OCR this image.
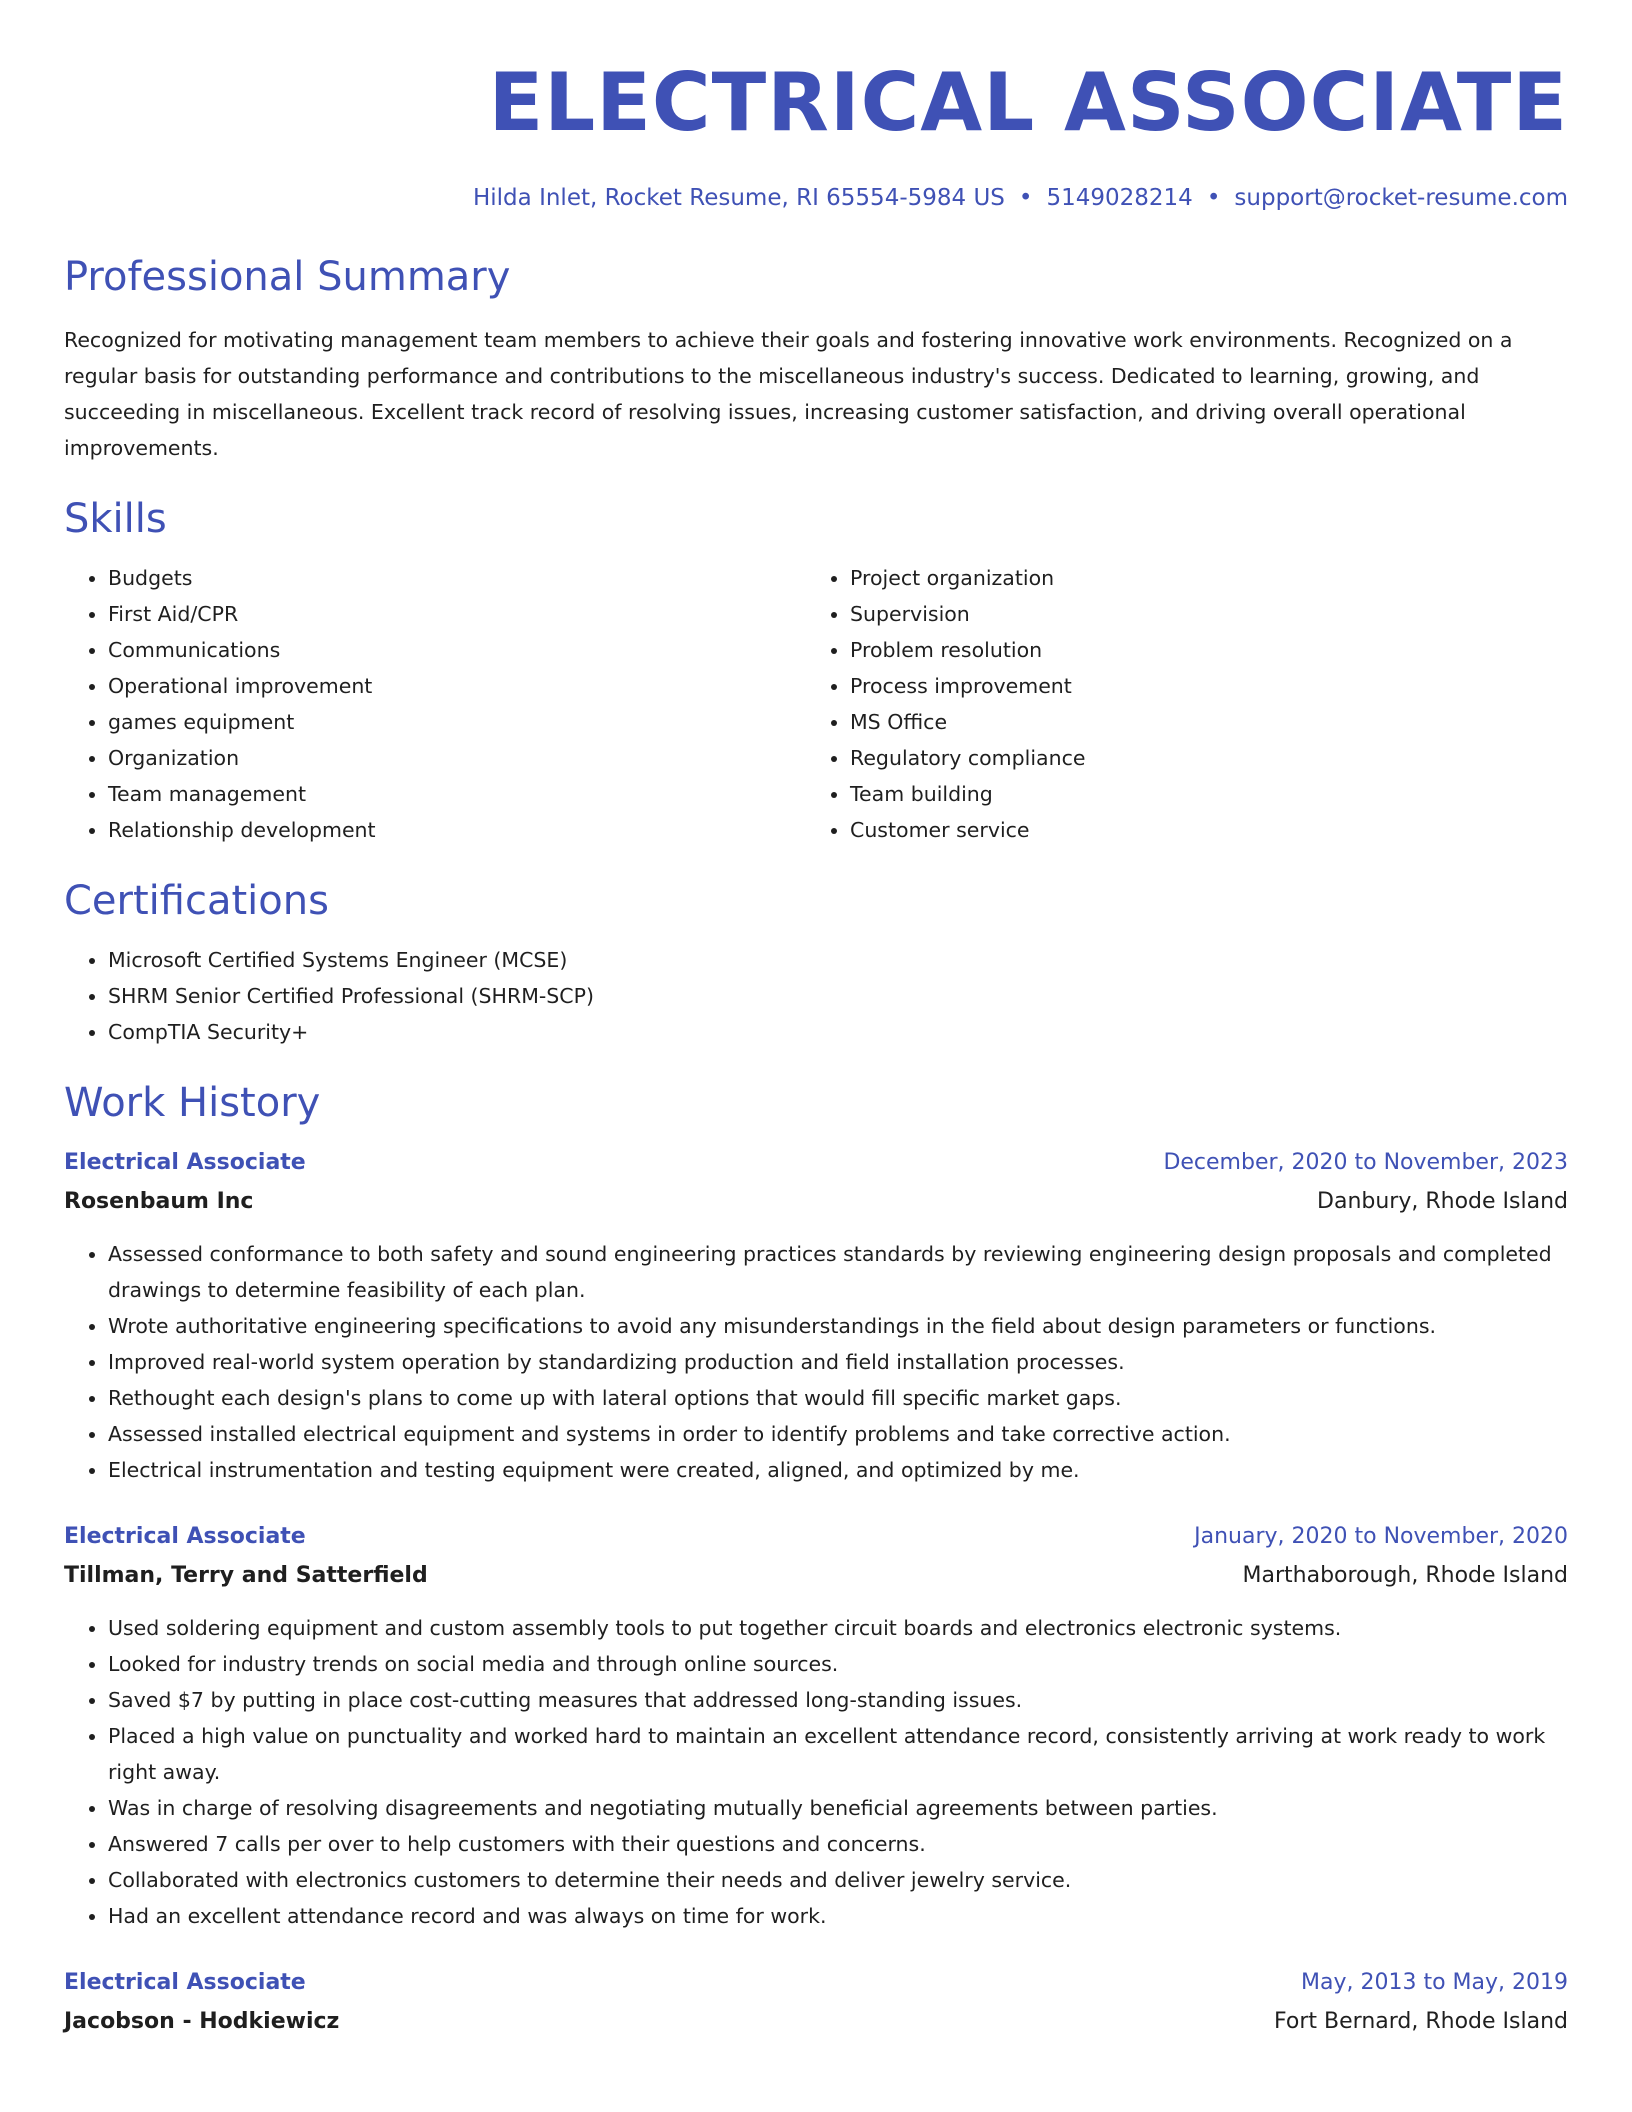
ELECTRICAL ASSOCIATE
Hilda Inlet, Rocket Resume, RI 65554-5984 US • 5149028214 • support@rocket-resume.com
Professional Summary
Recognized for motivating management team members to achieve their goals and fostering innovative work environments. Recognized on a regular basis for outstanding performance and contributions to the miscellaneous industry's success. Dedicated to learning, growing, and succeeding in miscellaneous. Excellent track record of resolving issues, increasing customer satisfaction, and driving overall operational improvements.
Skills
• Budgets
• First Aid/CPR
• Communications
• Operational improvement
• games equipment
• Organization
• Team management
• Relationship development
• Project organization
• Supervision
• Problem resolution
• Process improvement
• MS Office
• Regulatory compliance
• Team building
• Customer service
Certifications
• Microsoft Certified Systems Engineer (MCSE)
• SHRM Senior Certified Professional (SHRM-SCP)
• CompTIA Security+
Work History
Electrical Associate	December, 2020 to November, 2023
Rosenbaum Inc	Danbury, Rhode Island
• Assessed conformance to both safety and sound engineering practices standards by reviewing engineering design proposals and completed drawings to determine feasibility of each plan.
• Wrote authoritative engineering specifications to avoid any misunderstandings in the field about design parameters or functions.
• Improved real-world system operation by standardizing production and field installation processes.
• Rethought each design's plans to come up with lateral options that would fill specific market gaps.
• Assessed installed electrical equipment and systems in order to identify problems and take corrective action.
• Electrical instrumentation and testing equipment were created, aligned, and optimized by me.
Electrical Associate	January, 2020 to November, 2020
Tillman, Terry and Satterfield	Marthaborough, Rhode Island
• Used soldering equipment and custom assembly tools to put together circuit boards and electronics electronic systems.
• Looked for industry trends on social media and through online sources.
• Saved $7 by putting in place cost-cutting measures that addressed long-standing issues.
• Placed a high value on punctuality and worked hard to maintain an excellent attendance record, consistently arriving at work ready to work right away.
• Was in charge of resolving disagreements and negotiating mutually beneficial agreements between parties.
• Answered 7 calls per over to help customers with their questions and concerns.
• Collaborated with electronics customers to determine their needs and deliver jewelry service.
• Had an excellent attendance record and was always on time for work.
Electrical Associate	May, 2013 to May, 2019
Jacobson - Hodkiewicz	Fort Bernard, Rhode Island
